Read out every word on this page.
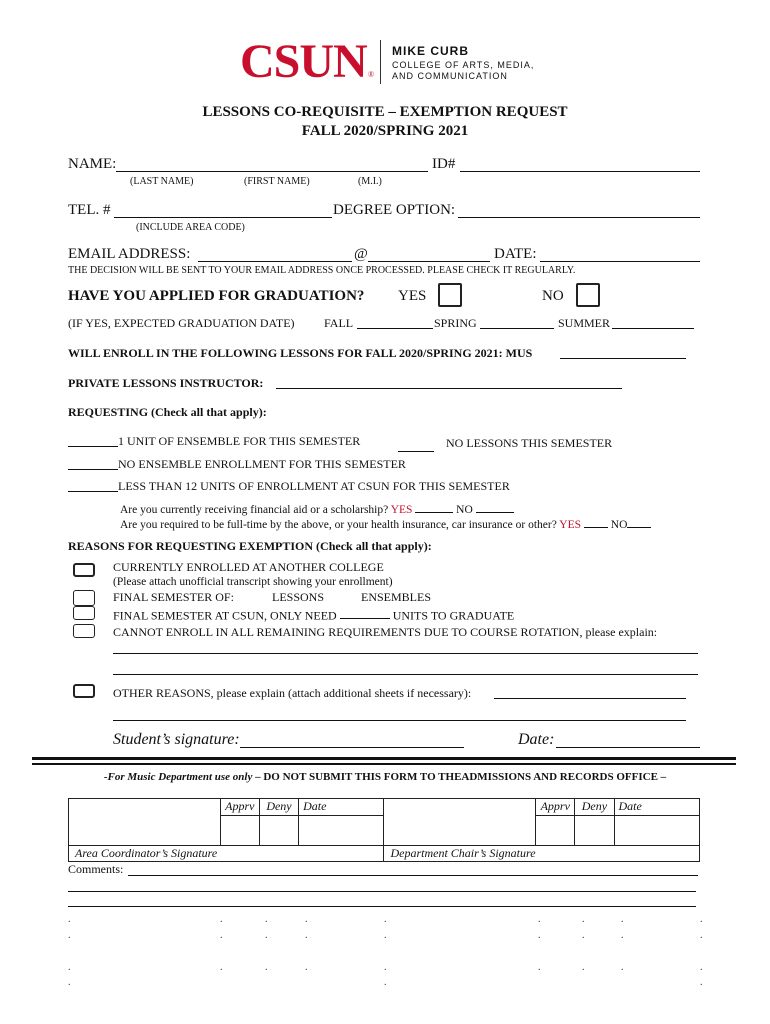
CSUN ®
MIKE CURB
COLLEGE OF ARTS, MEDIA,
AND COMMUNICATION
LESSONS CO-REQUISITE – EXEMPTION REQUEST
FALL 2020/SPRING 2021
NAME:	ID#
(LAST NAME)	(FIRST NAME)	(M.I.)
TEL. #	DEGREE OPTION:
(INCLUDE AREA CODE)
EMAIL ADDRESS:	@	DATE:
THE DECISION WILL BE SENT TO YOUR EMAIL ADDRESS ONCE PROCESSED. PLEASE CHECK IT REGULARLY.
HAVE YOU APPLIED FOR GRADUATION? YES	NO
(IF YES, EXPECTED GRADUATION DATE) FALL	SPRING	SUMMER
WILL ENROLL IN THE FOLLOWING LESSONS FOR FALL 2020/SPRING 2021: MUS
PRIVATE LESSONS INSTRUCTOR:
REQUESTING (Check all that apply):
1 UNIT OF ENSEMBLE FOR THIS SEMESTER	NO LESSONS THIS SEMESTER
NO ENSEMBLE ENROLLMENT FOR THIS SEMESTER
LESS THAN 12 UNITS OF ENROLLMENT AT CSUN FOR THIS SEMESTER
Are you currently receiving financial aid or a scholarship? YES	NO
Are you required to be full-time by the above, or your health insurance, car insurance or other? YES	NO
REASONS FOR REQUESTING EXEMPTION (Check all that apply):
CURRENTLY ENROLLED AT ANOTHER COLLEGE
(Please attach unofficial transcript showing your enrollment)
FINAL SEMESTER OF:	LESSONS	ENSEMBLES
FINAL SEMESTER AT CSUN, ONLY NEED	UNITS TO GRADUATE
CANNOT ENROLL IN ALL REMAINING REQUIREMENTS DUE TO COURSE ROTATION, please explain:
OTHER REASONS, please explain (attach additional sheets if necessary):
Student’s signature:	Date:
-For Music Department use only – DO NOT SUBMIT THIS FORM TO THEADMISSIONS AND RECORDS OFFICE –
	Apprv	Deny	Date		Apprv	Deny	Date

Area Coordinator’s Signature				Department Chair’s Signature			
Comments:
.	.	.	.	.	.	.	.	.
.	.	.	.	.	.	.	.	.
.	.	.	.	.	.	.	.	.
.	.	.
